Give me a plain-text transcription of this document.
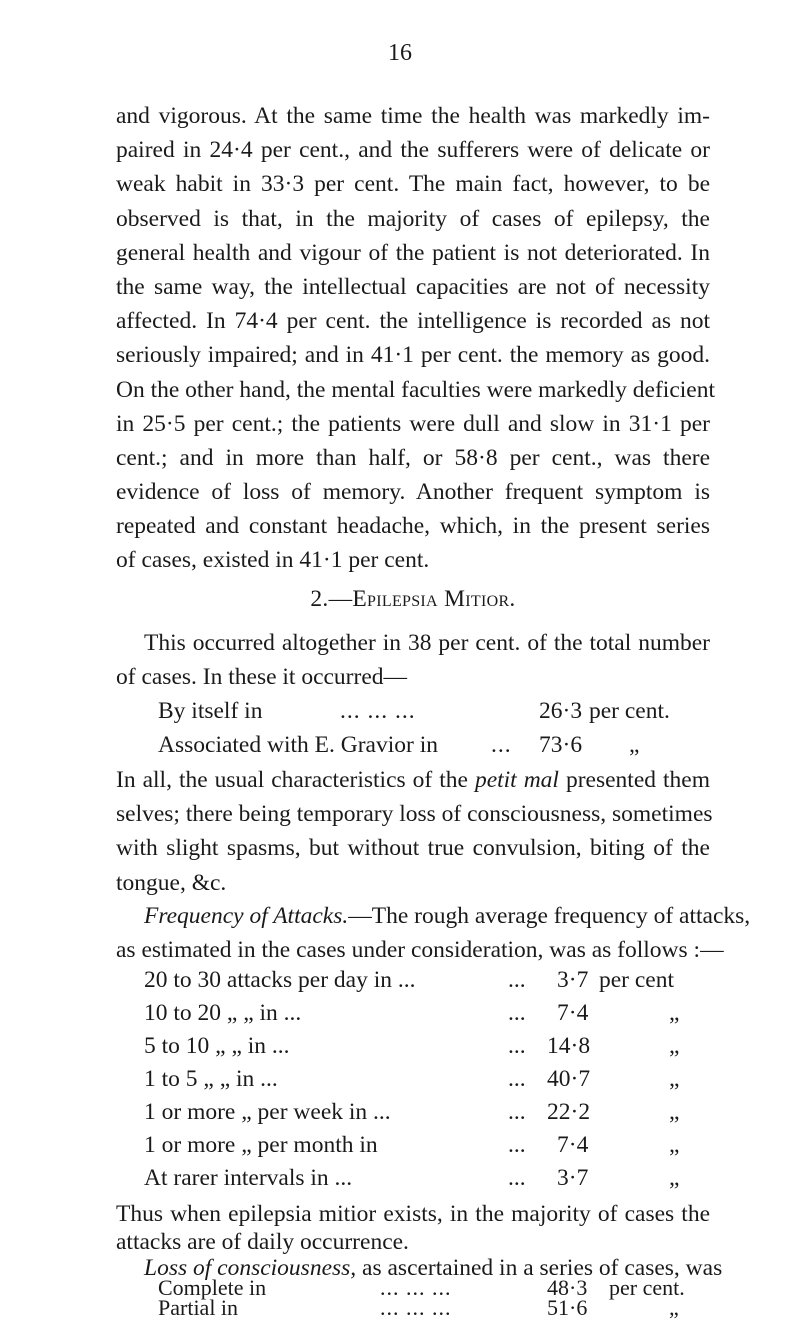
16
and vigorous. At the same time the health was markedly im-
paired in 24·4 per cent., and the sufferers were of delicate or
weak habit in 33·3 per cent. The main fact, however, to be
observed is that, in the majority of cases of epilepsy, the
general health and vigour of the patient is not deteriorated. In
the same way, the intellectual capacities are not of necessity
affected. In 74·4 per cent. the intelligence is recorded as not
seriously impaired; and in 41·1 per cent. the memory as good.
On the other hand, the mental faculties were markedly deficient
in 25·5 per cent.; the patients were dull and slow in 31·1 per
cent.; and in more than half, or 58·8 per cent., was there
evidence of loss of memory. Another frequent symptom is
repeated and constant headache, which, in the present series
of cases, existed in 41·1 per cent.
2.—Epilepsia Mitior.
This occurred altogether in 38 per cent. of the total number
of cases. In these it occurred—
By itself in	... ... ...	26·3 per cent.
Associated with E. Gravior in ... 73·6 „
In all, the usual characteristics of the petit mal presented them
selves; there being temporary loss of consciousness, sometimes
with slight spasms, but without true convulsion, biting of the
tongue, &c.
Frequency of Attacks.—The rough average frequency of attacks,
as estimated in the cases under consideration, was as follows :—
20 to 30 attacks per day in ...	... 3·7 per cent
10 to 20 „ „ in ...	... 7·4	„
5 to 10 „ „ in ...	... 14·8	„
1 to 5 „ „ in ...	... 40·7	„
1 or more „ per week in ...	... 22·2	„
1 or more „ per month in	... 7·4	„
At rarer intervals in ...	... 3·7	„
Thus when epilepsia mitior exists, in the majority of cases the
attacks are of daily occurrence.
Loss of consciousness, as ascertained in a series of cases, was
Complete in	... ... ...	48·3 per cent.
Partial in	... ... ...	51·6	„
